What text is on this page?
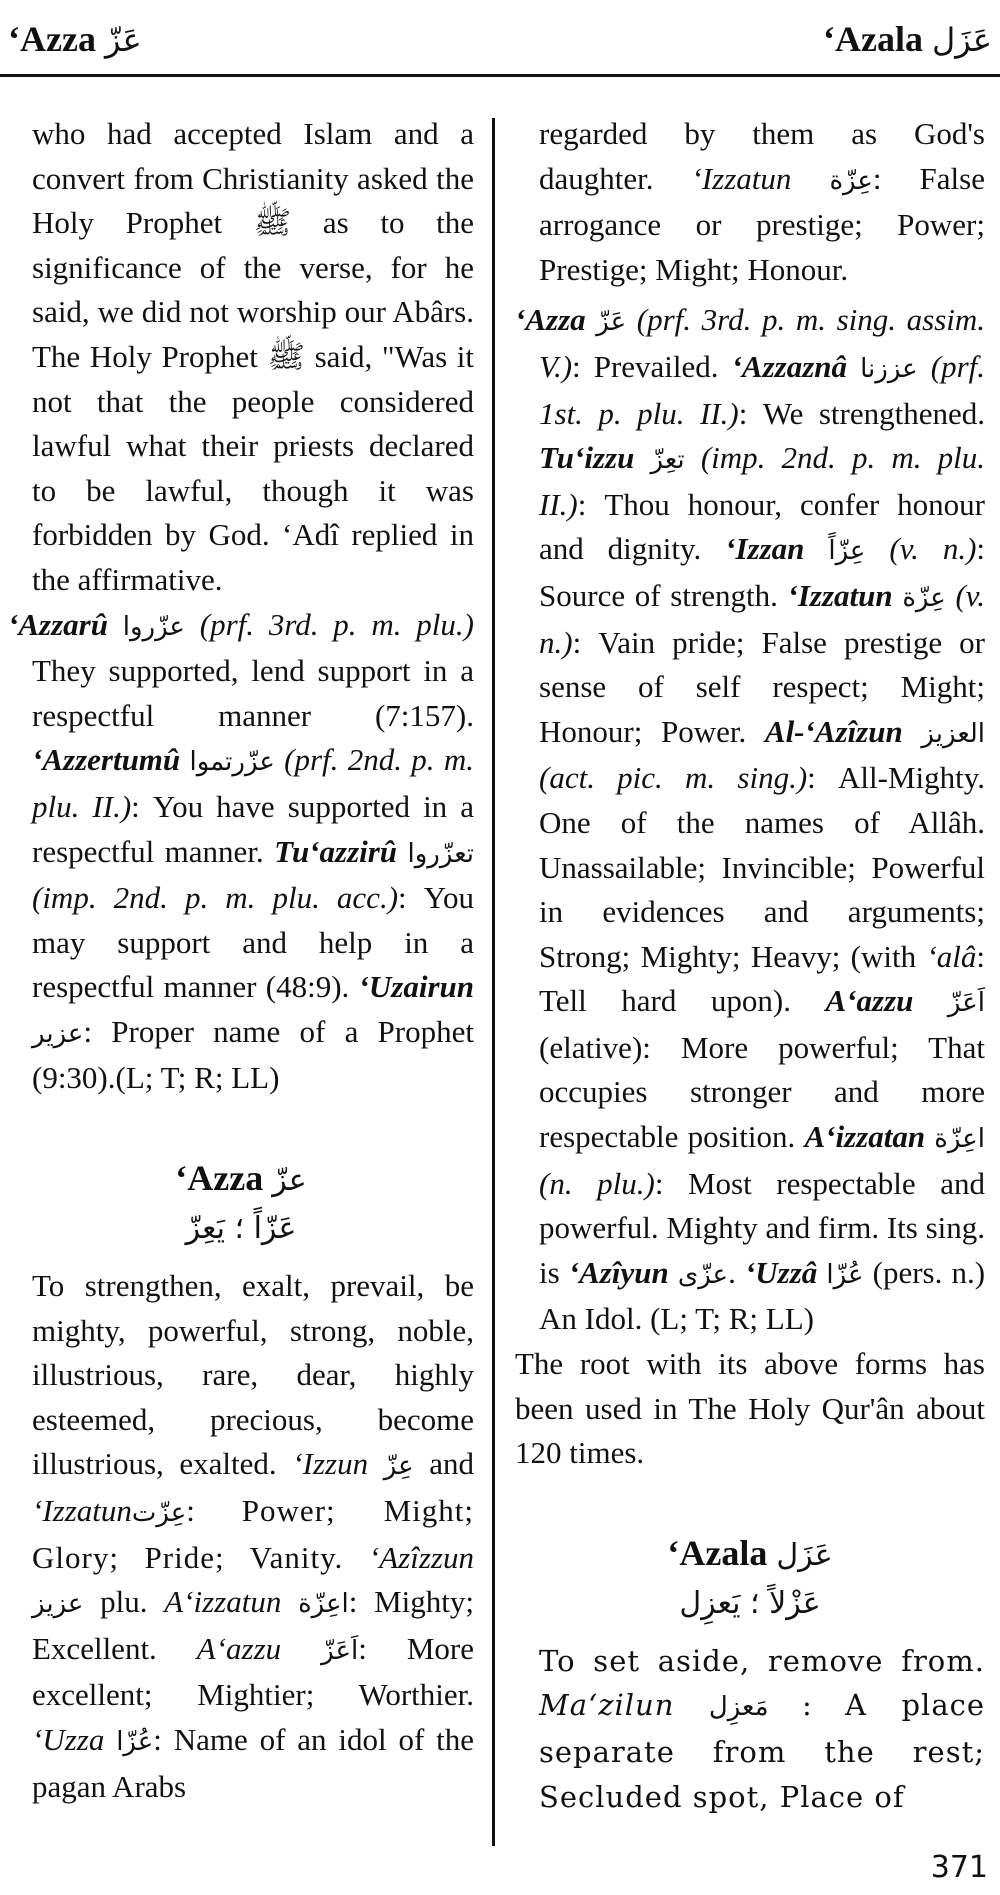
‘Azza عَزّ	‘Azala عَزَل

who had accepted Islam and a convert from Christianity asked the Holy Prophet ﷺ as to the significance of the verse, for he said, we did not worship our Abârs. The Holy Prophet ﷺ said, "Was it not that the people considered lawful what their priests declared to be lawful, though it was forbidden by God. ‘Adî replied in the affirmative.

‘Azzarû عزّروا (prf. 3rd. p. m. plu.) They supported, lend support in a respectful manner (7:157). ‘Azzertumû عزّرتموا (prf. 2nd. p. m. plu. II.): You have supported in a respectful manner. Tu‘azzirû تعزّروا (imp. 2nd. p. m. plu. acc.): You may support and help in a respectful manner (48:9). ‘Uzairun عزير: Proper name of a Prophet (9:30).(L; T; R; LL)

‘Azza عزّ
عَزّاً ؛ يَعِزّ

To strengthen, exalt, prevail, be mighty, powerful, strong, noble, illustrious, rare, dear, highly esteemed, precious, become illustrious, exalted. ‘Izzun عِزّ and ‘Izzatunعِزّت: Power; Might; Glory; Pride; Vanity. ‘Azîzzun عزيز plu. A‘izzatun اعِزّة: Mighty; Excellent. A‘azzu اَعَزّ: More excellent; Mightier; Worthier. ‘Uzza عُزّا: Name of an idol of the pagan Arabs

regarded by them as God's daughter. ‘Izzatun عِزّة: False arrogance or prestige; Power; Prestige; Might; Honour.

‘Azza عَزّ (prf. 3rd. p. m. sing. assim. V.): Prevailed. ‘Azzaznâ عززنا (prf. 1st. p. plu. II.): We strengthened. Tu‘izzu تعِزّ (imp. 2nd. p. m. plu. II.): Thou honour, confer honour and dignity. ‘Izzan عِزّاً (v. n.): Source of strength. ‘Izzatun عِزّة (v. n.): Vain pride; False prestige or sense of self respect; Might; Honour; Power. Al-‘Azîzun العزيز (act. pic. m. sing.): All-Mighty. One of the names of Allâh. Unassailable; Invincible; Powerful in evidences and arguments; Strong; Mighty; Heavy; (with ‘alâ: Tell hard upon). A‘azzu اَعَزّ (elative): More powerful; That occupies stronger and more respectable position. A‘izzatan اعِزّة (n. plu.): Most respectable and powerful. Mighty and firm. Its sing. is ‘Azîyun عزّى. ‘Uzzâ عُزّا (pers. n.) An Idol. (L; T; R; LL)

The root with its above forms has been used in The Holy Qur'ân about 120 times.

‘Azala عَزَل
عَزْلاً ؛ يَعزِل

To set aside, remove from. Ma‘zilun مَعزِل : A place separate from the rest; Secluded spot, Place of

371
